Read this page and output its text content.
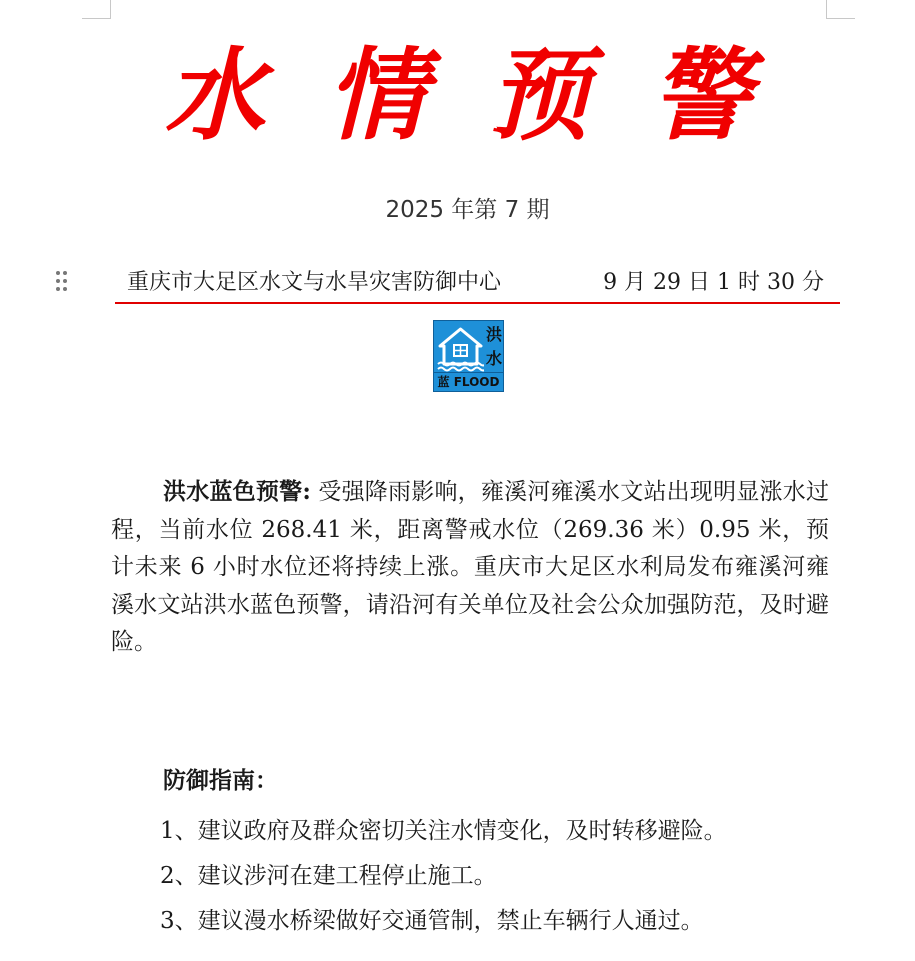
水情预警
2025 年第 7 期
重庆市大足区水文与水旱灾害防御中心	9 月 29 日 1 时 30 分
洪
水
蓝 FLOOD

洪水蓝色预警: 受强降雨影响，雍溪河雍溪水文站出现明显涨水过程，当前水位 268.41 米，距离警戒水位（269.36 米）0.95 米，预计未来 6 小时水位还将持续上涨。重庆市大足区水利局发布雍溪河雍溪水文站洪水蓝色预警，请沿河有关单位及社会公众加强防范，及时避险。

防御指南：
1、建议政府及群众密切关注水情变化，及时转移避险。
2、建议涉河在建工程停止施工。
3、建议漫水桥梁做好交通管制，禁止车辆行人通过。
